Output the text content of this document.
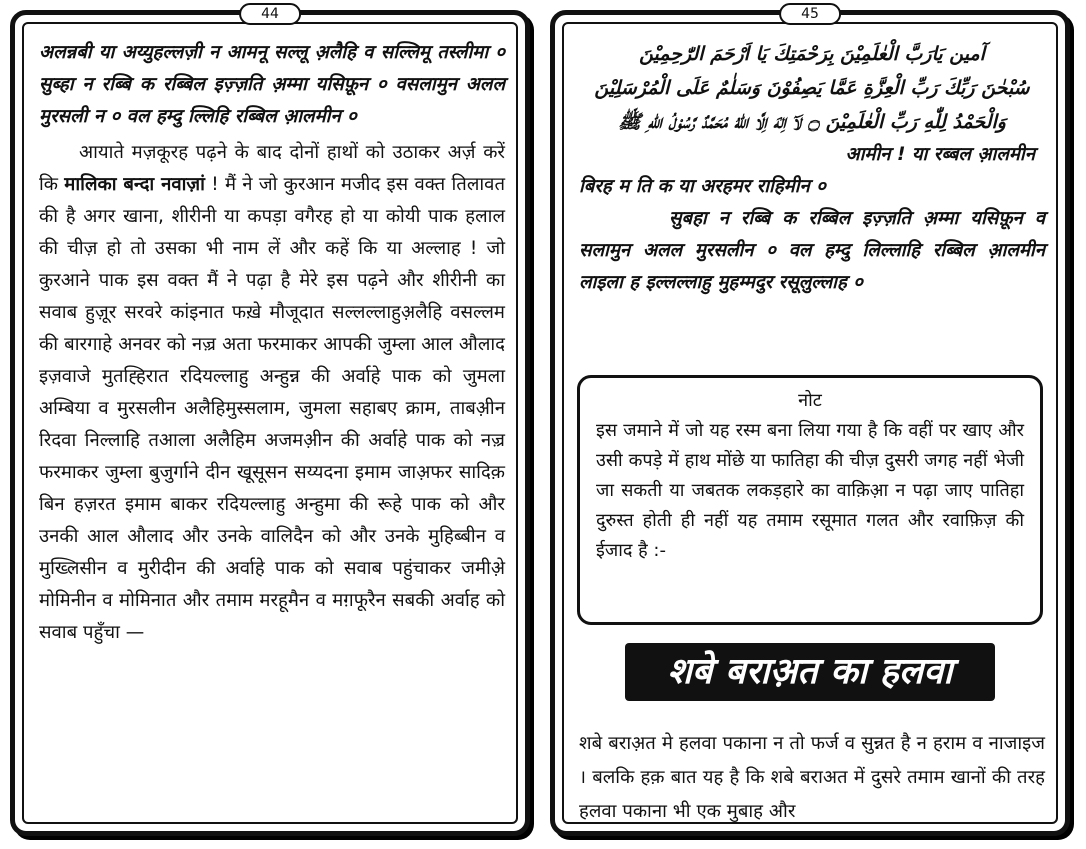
44

अलन्नबी या अय्युहल्लज़ी न आमनू सल्लू अ़लैहि व सल्लिमू तस्लीमा ० सुब्हा न रब्बि क रब्बिल इज़्ज़ति अ़म्मा यसिफ़ून ० वसलामुन अलल मुरसली न ० वल हम्दु ल्लिहि रब्बिल आ़लमीन ०

आयाते मज़कूरह पढ़ने के बाद दोनों हाथों को उठाकर अर्ज़ करें कि मालिका बन्दा नवाज़ां ! मैं ने जो कुरआन मजीद इस वक्त तिलावत की है अगर खाना, शीरीनी या कपड़ा वगैरह हो या कोयी पाक हलाल की चीज़ हो तो उसका भी नाम लें और कहें कि या अल्लाह ! जो कुरआने पाक इस वक्त मैं ने पढ़ा है मेरे इस पढ़ने और शीरीनी का सवाब हुज़ूर सरवरे कांइनात फख़े मौजूदात सल्लल्लाहुअ़लैहि वसल्लम की बारगाहे अनवर को नज़्र अता फरमाकर आपकी जुम्ला आल औलाद इज़वाजे मुतह्हिरात रदियल्लाहु अन्हुन्न की अर्वाहे पाक को जुमला अम्बिया व मुरसलीन अलैहिमुस्सलाम, जुमला सहाबए क्राम, ताबअ़ीन रिदवा निल्लाहि तआला अलैहिम अजमअ़ीन की अर्वाहे पाक को नज़्र फरमाकर जुम्ला बुजुर्गाने दीन खूसूसन सय्यदना इमाम जाअ़फर सादिक़ बिन हज़रत इमाम बाकर रदियल्लाहु अन्हुमा की रूहे पाक को और उनकी आल औलाद और उनके वालिदैन को और उनके मुहिब्बीन व मुख्लिसीन व मुरीदीन की अर्वाहे पाक को सवाब पहुंचाकर जमीअ़े मोमिनीन व मोमिनात और तमाम मरहूमैन व मग़फूरैन सबकी अर्वाह को सवाब पहुँचा —

45

آمین یَارَبَّ الْعٰلَمِیْنَ بِرَحْمَتِكَ یَا اَرْحَمَ الرّٰحِمِیْنَ

سُبْحٰنَ رَبِّكَ رَبِّ الْعِزَّةِ عَمَّا یَصِفُوْنَ وَسَلٰمٌ عَلَی الْمُرْسَلِیْنَ

وَالْحَمْدُ لِلّٰهِ رَبِّ الْعٰلَمِیْنَ ۝ لَآ اِلٰهَ اِلَّا اللّٰهُ مُحَمَّدٌ رَّسُوْلُ اللّٰهِ ﷺ

आमीन ! या रब्बल आ़लमीन

बिरह म ति क या अरहमर राहिमीन ०

सुबहा न रब्बि क रब्बिल इज़्ज़ति अ़म्मा यसिफ़ून व सलामुन अलल मुरसलीन ० वल हम्दु लिल्लाहि रब्बिल आ़लमीन लाइला ह इल्लल्लाहु मुहम्मदुर रसूलुल्लाह ०

नोट

इस जमाने में जो यह रस्म बना लिया गया है कि वहीं पर खाए और उसी कपड़े में हाथ मोंछे या फातिहा की चीज़ दुसरी जगह नहीं भेजी जा सकती या जबतक लकड़हारे का वाक़िआ़ न पढ़ा जाए पातिहा दुरुस्त होती ही नहीं यह तमाम रसूमात गलत और रवाफ़िज़ की ईजाद है :-

शबे बराअ़त का हलवा

शबे बराअ़त मे हलवा पकाना न तो फर्ज व सुन्नत है न हराम व नाजाइज । बलकि हक़ बात यह है कि शबे बराअत में दुसरे तमाम खानों की तरह हलवा पकाना भी एक मुबाह और
